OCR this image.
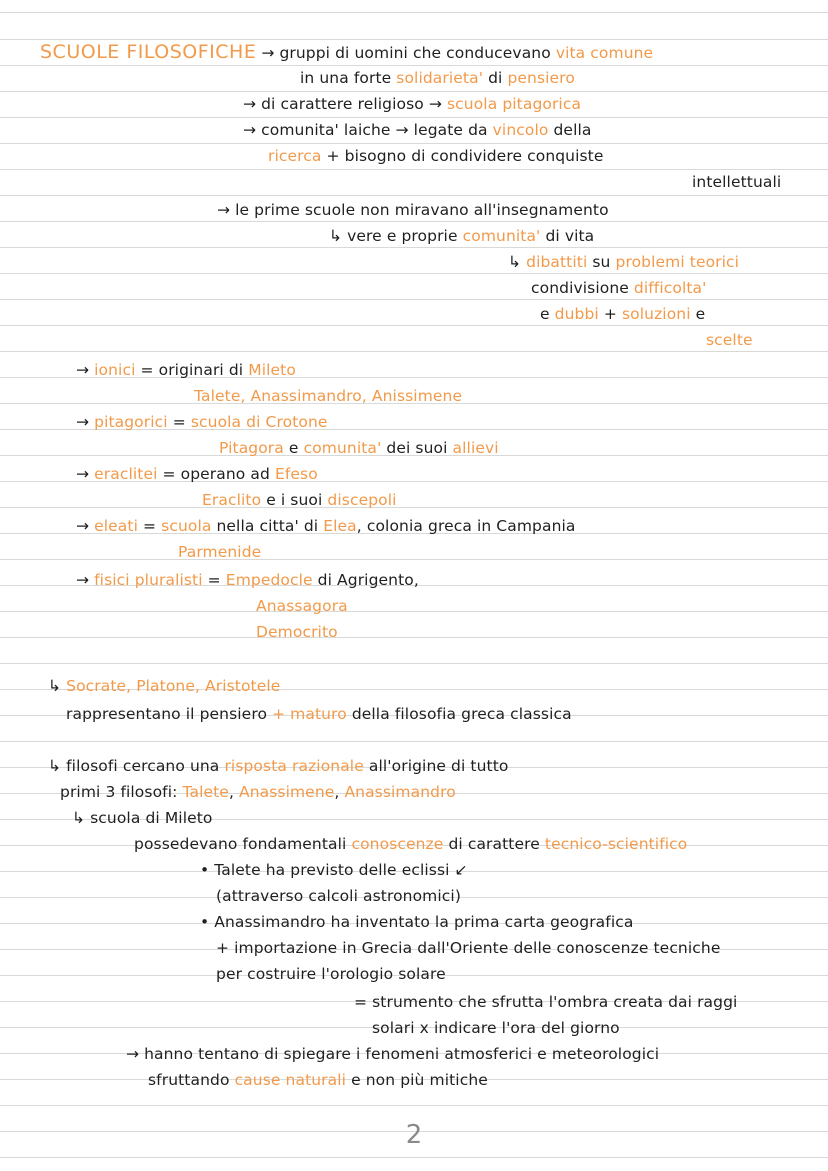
SCUOLE FILOSOFICHE → gruppi di uomini che conducevano vita comune
in una forte solidarieta' di pensiero
→ di carattere religioso → scuola pitagorica
→ comunita' laiche → legate da vincolo della
ricerca + bisogno di condividere conquiste
intellettuali
→ le prime scuole non miravano all'insegnamento
↳ vere e proprie comunita' di vita
↳ dibattiti su problemi teorici
condivisione difficolta'
e dubbi + soluzioni e
scelte
→ ionici = originari di Mileto
Talete, Anassimandro, Anissimene
→ pitagorici = scuola di Crotone
Pitagora e comunita' dei suoi allievi
→ eraclitei = operano ad Efeso
Eraclito e i suoi discepoli
→ eleati = scuola nella citta' di Elea, colonia greca in Campania
Parmenide
→ fisici pluralisti = Empedocle di Agrigento,
Anassagora
Democrito
↳ Socrate, Platone, Aristotele
rappresentano il pensiero + maturo della filosofia greca classica
↳ filosofi cercano una risposta razionale all'origine di tutto
primi 3 filosofi: Talete, Anassimene, Anassimandro
↳ scuola di Mileto
possedevano fondamentali conoscenze di carattere tecnico-scientifico
• Talete ha previsto delle eclissi ↙
(attraverso calcoli astronomici)
• Anassimandro ha inventato la prima carta geografica
+ importazione in Grecia dall'Oriente delle conoscenze tecniche
per costruire l'orologio solare
= strumento che sfrutta l'ombra creata dai raggi
solari x indicare l'ora del giorno
→ hanno tentano di spiegare i fenomeni atmosferici e meteorologici
sfruttando cause naturali e non più mitiche
2
